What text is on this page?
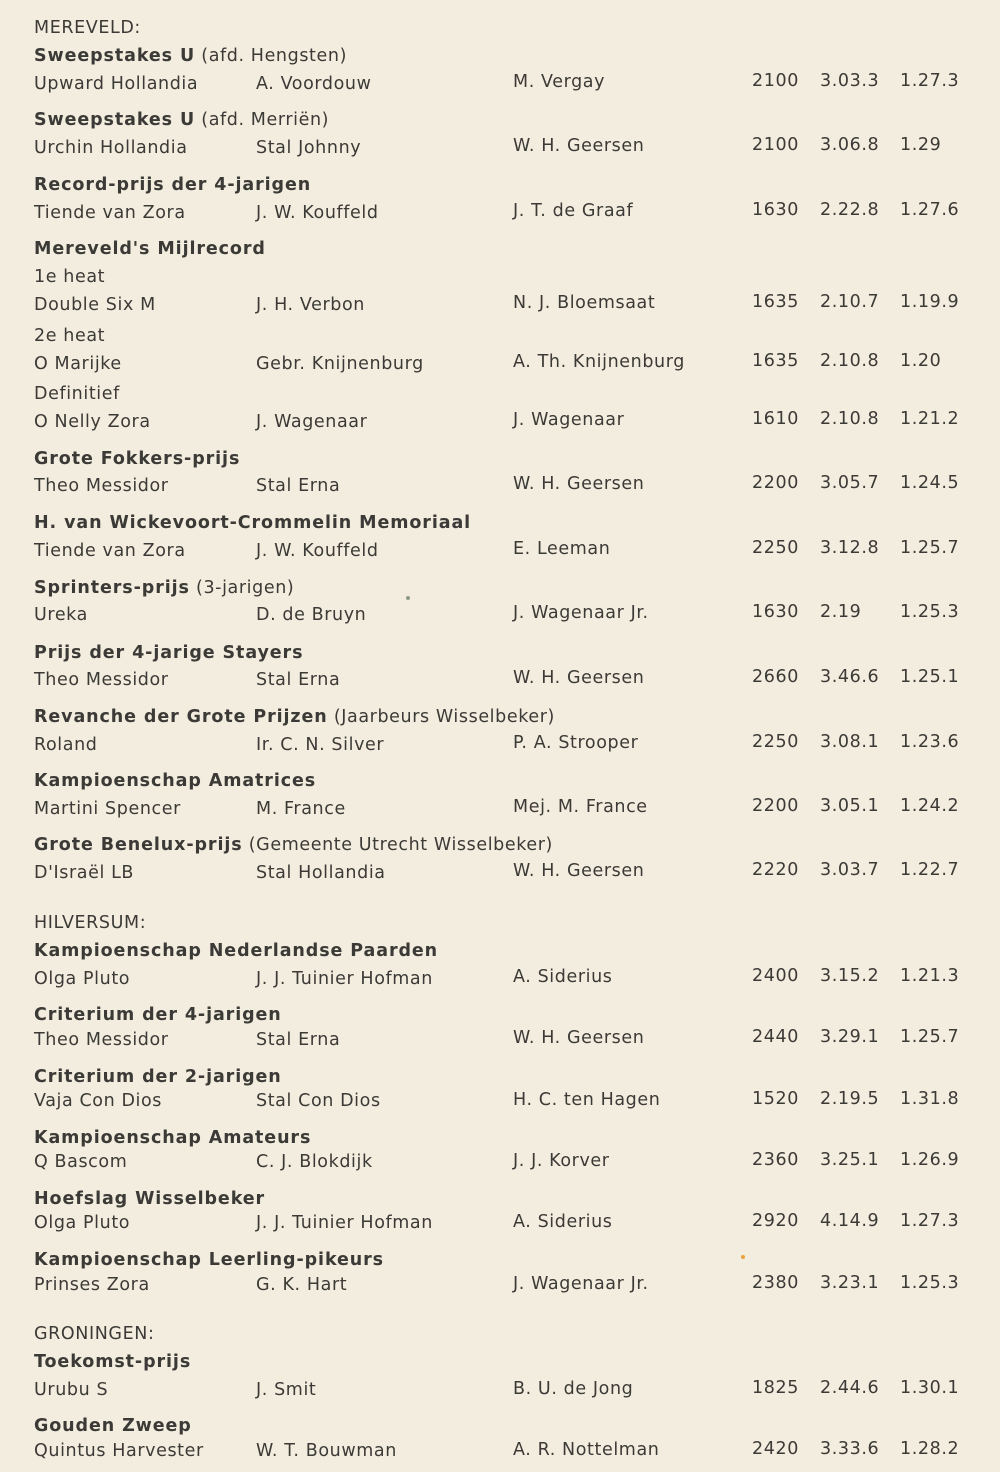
MEREVELD:
Sweepstakes U (afd. Hengsten)
Upward Hollandia	A. Voordouw	M. Vergay	2100 3.03.3 1.27.3
Sweepstakes U (afd. Merriën)
Urchin Hollandia	Stal Johnny	W. H. Geersen	2100 3.06.8 1.29
Record-prijs der 4-jarigen
Tiende van Zora	J. W. Kouffeld	J. T. de Graaf	1630 2.22.8 1.27.6
Mereveld's Mijlrecord
1e heat
Double Six M	J. H. Verbon	N. J. Bloemsaat	1635 2.10.7 1.19.9
2e heat
O Marijke	Gebr. Knijnenburg	A. Th. Knijnenburg	1635 2.10.8 1.20
Definitief
O Nelly Zora	J. Wagenaar	J. Wagenaar	1610 2.10.8 1.21.2
Grote Fokkers-prijs
Theo Messidor	Stal Erna	W. H. Geersen	2200 3.05.7 1.24.5
H. van Wickevoort-Crommelin Memoriaal
Tiende van Zora	J. W. Kouffeld	E. Leeman	2250 3.12.8 1.25.7
Sprinters-prijs (3-jarigen)
Ureka	D. de Bruyn	J. Wagenaar Jr.	1630 2.19 1.25.3
Prijs der 4-jarige Stayers
Theo Messidor	Stal Erna	W. H. Geersen	2660 3.46.6 1.25.1
Revanche der Grote Prijzen (Jaarbeurs Wisselbeker)
Roland	Ir. C. N. Silver	P. A. Strooper	2250 3.08.1 1.23.6
Kampioenschap Amatrices
Martini Spencer	M. France	Mej. M. France	2200 3.05.1 1.24.2
Grote Benelux-prijs (Gemeente Utrecht Wisselbeker)
D'Israël LB	Stal Hollandia	W. H. Geersen	2220 3.03.7 1.22.7
HILVERSUM:
Kampioenschap Nederlandse Paarden
Olga Pluto	J. J. Tuinier Hofman	A. Siderius	2400 3.15.2 1.21.3
Criterium der 4-jarigen
Theo Messidor	Stal Erna	W. H. Geersen	2440 3.29.1 1.25.7
Criterium der 2-jarigen
Vaja Con Dios	Stal Con Dios	H. C. ten Hagen	1520 2.19.5 1.31.8
Kampioenschap Amateurs
Q Bascom	C. J. Blokdijk	J. J. Korver	2360 3.25.1 1.26.9
Hoefslag Wisselbeker
Olga Pluto	J. J. Tuinier Hofman	A. Siderius	2920 4.14.9 1.27.3
Kampioenschap Leerling-pikeurs
Prinses Zora	G. K. Hart	J. Wagenaar Jr.	2380 3.23.1 1.25.3
GRONINGEN:
Toekomst-prijs
Urubu S	J. Smit	B. U. de Jong	1825 2.44.6 1.30.1
Gouden Zweep
Quintus Harvester	W. T. Bouwman	A. R. Nottelman	2420 3.33.6 1.28.2
